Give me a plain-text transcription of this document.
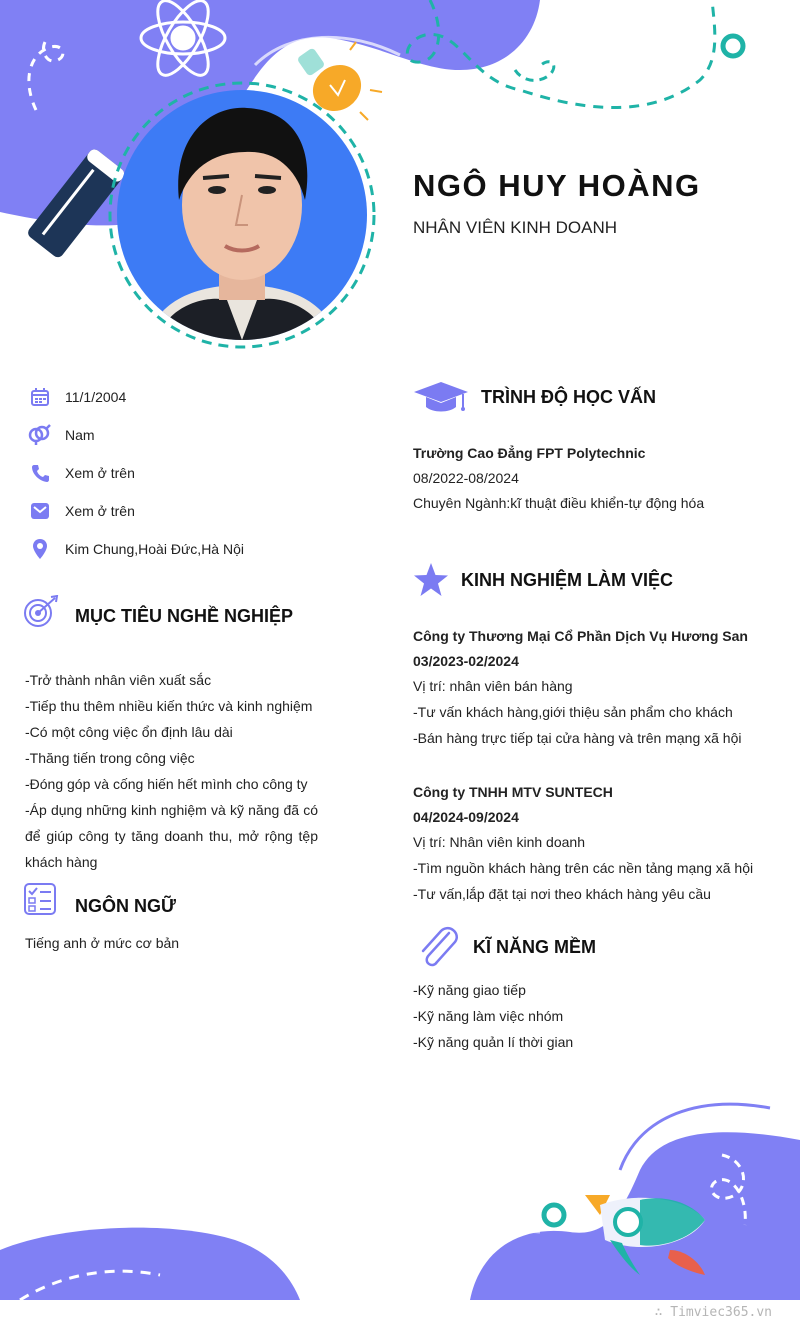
NGÔ HUY HOÀNG
NHÂN VIÊN KINH DOANH
11/1/2004
Nam
Xem ở trên
Xem ở trên
Kim Chung,Hoài Đức,Hà Nội
MỤC TIÊU NGHỀ NGHIỆP
-Trở thành nhân viên xuất sắc
-Tiếp thu thêm nhiều kiến thức và kinh nghiệm
-Có một công việc ổn định lâu dài
-Thăng tiến trong công việc
-Đóng góp và cống hiến hết mình cho công ty
-Áp dụng những kinh nghiệm và kỹ năng đã có để giúp công ty tăng doanh thu, mở rộng tệp khách hàng
NGÔN NGỮ
Tiếng anh ở mức cơ bản
TRÌNH ĐỘ HỌC VẤN
Trường Cao Đẳng FPT Polytechnic
08/2022-08/2024
Chuyên Ngành:kĩ thuật điều khiển-tự động hóa
KINH NGHIỆM LÀM VIỆC
Công ty Thương Mại Cổ Phần Dịch Vụ Hương San
03/2023-02/2024
Vị trí: nhân viên bán hàng
-Tư vấn khách hàng,giới thiệu sản phẩm cho khách
-Bán hàng trực tiếp tại cửa hàng và trên mạng xã hội
Công ty TNHH MTV SUNTECH
04/2024-09/2024
Vị trí: Nhân viên kinh doanh
-Tìm nguồn khách hàng trên các nền tảng mạng xã hội
-Tư vấn,lắp đặt tại nơi theo khách hàng yêu cầu
KĨ NĂNG MỀM
-Kỹ năng giao tiếp
-Kỹ năng làm việc nhóm
-Kỹ năng quản lí thời gian
∴ Timviec365.vn
